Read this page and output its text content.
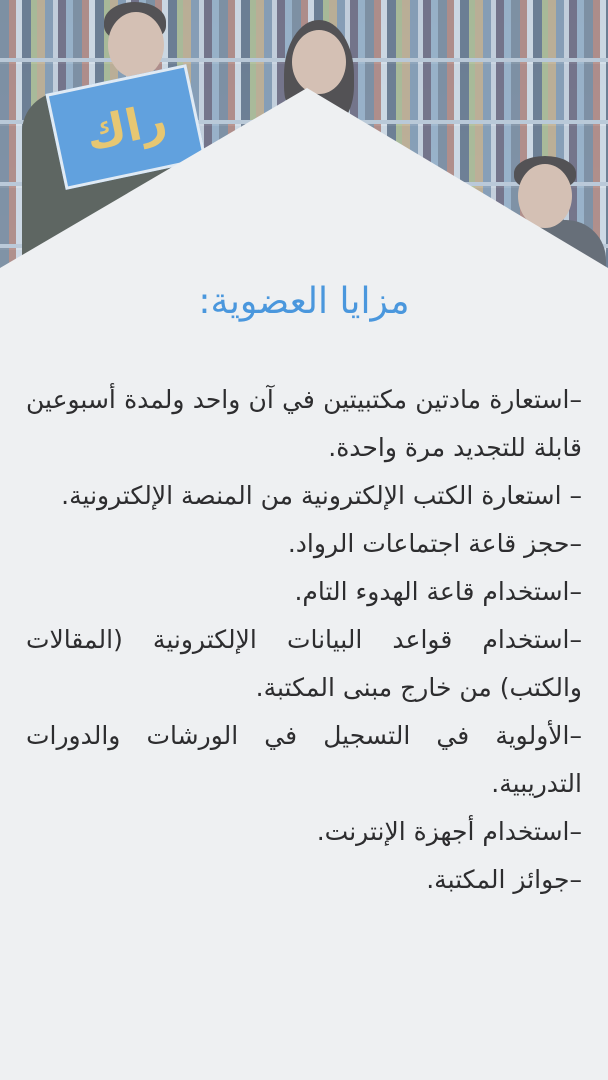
راك
مزايا العضوية:
–استعارة مادتين مكتبيتين في آن واحد ولمدة أسبوعين قابلة للتجديد مرة واحدة.
– استعارة الكتب الإلكترونية من المنصة الإلكترونية.
–حجز قاعة اجتماعات الرواد.
–استخدام قاعة الهدوء التام.
–استخدام قواعد البيانات الإلكترونية (المقالات والكتب) من خارج مبنى المكتبة.
–الأولوية في التسجيل في الورشات والدورات التدريبية.
–استخدام أجهزة الإنترنت.
–جوائز المكتبة.
